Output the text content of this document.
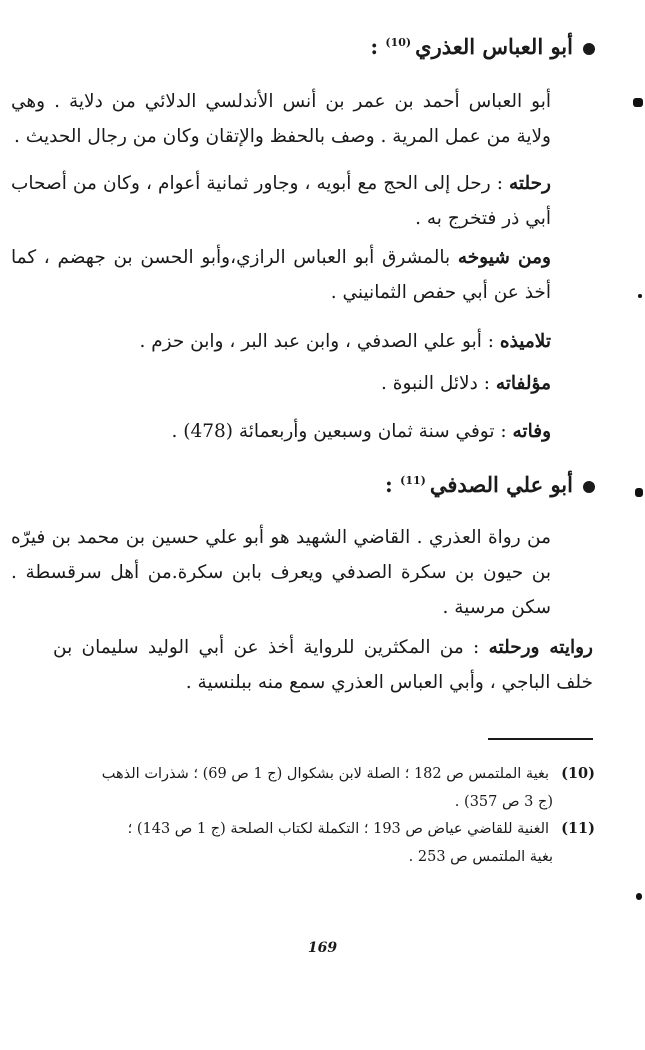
أبو العباس العذري$^{(10)}$ :
أبو العباس أحمد بن عمر بن أنس الأندلسي الدلائي من دلاية . وهي ولاية من عمل المرية . وصف بالحفظ والإتقان وكان من رجال الحديث .
رحلته : رحل إلى الحج مع أبويه ، وجاور ثمانية أعوام ، وكان من أصحاب أبي ذر فتخرج به .
ومن شيوخه بالمشرق أبو العباس الرازي،وأبو الحسن بن جهضم ، كما أخذ عن أبي حفص الثمانيني .
تلاميذه : أبو علي الصدفي ، وابن عبد البر ، وابن حزم .
مؤلفاته : دلائل النبوة .
وفاته : توفي سنة ثمان وسبعين وأربعمائة (478) .
أبو علي الصدفي$^{(11)}$ :
من رواة العذري . القاضي الشهيد هو أبو علي حسين بن محمد بن فيرّه بن حيون بن سكرة الصدفي ويعرف بابن سكرة.من أهل سرقسطة . سكن مرسية .
روايته ورحلته : من المكثرين للرواية أخذ عن أبي الوليد سليمان بن خلف الباجي ، وأبي العباس العذري سمع منه ببلنسية .
(10)بغية الملتمس ص 182 ؛ الصلة لابن بشكوال (ج 1 ص 69) ؛ شذرات الذهب
(ج 3 ص 357) .
(11)الغنية للقاضي عياض ص 193 ؛ التكملة لكتاب الصلحة (ج 1 ص 143) ؛
بغية الملتمس ص 253 .
169
